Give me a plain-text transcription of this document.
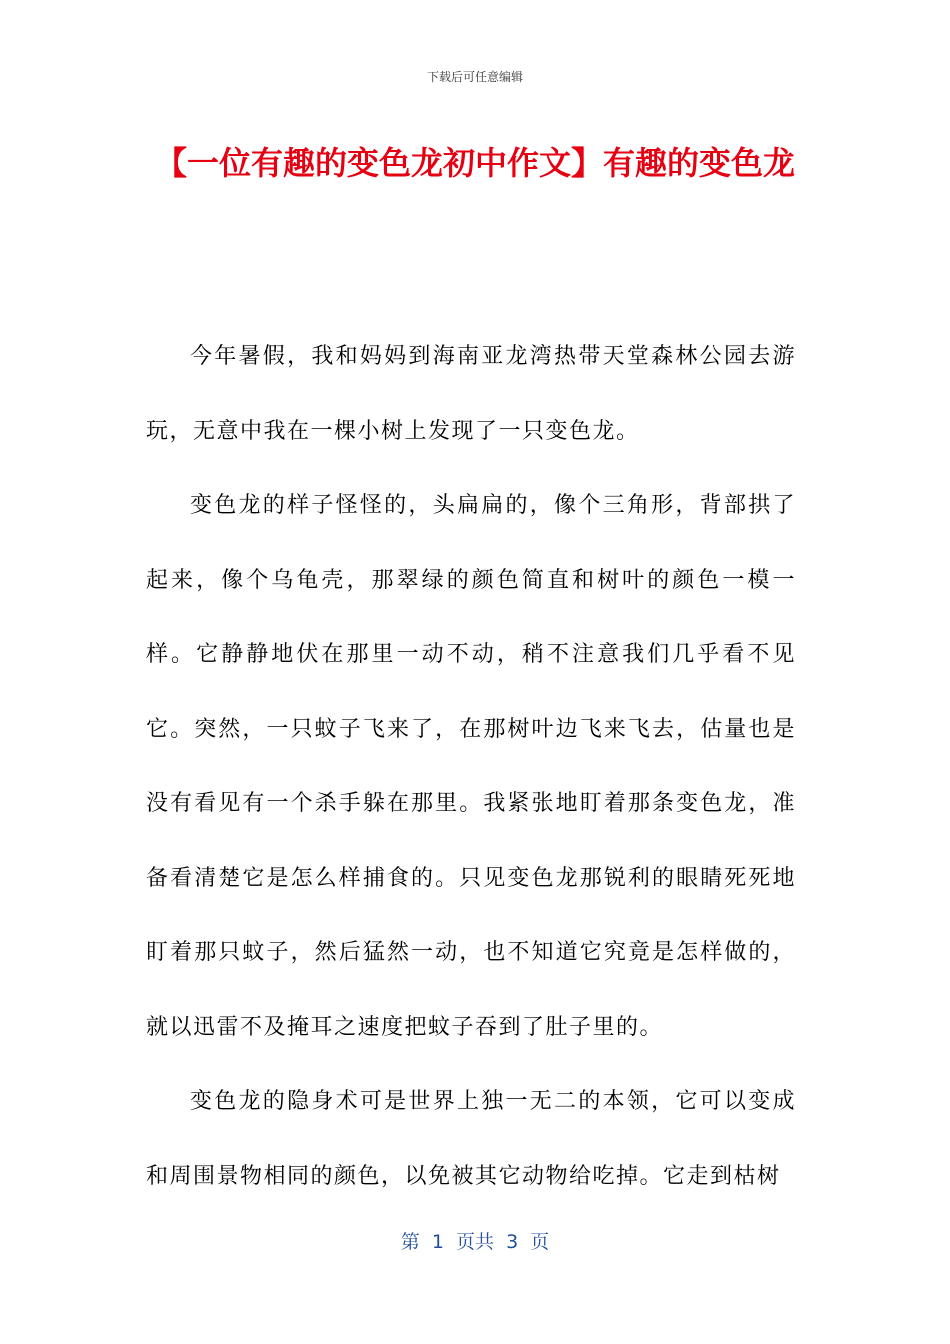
下载后可任意编辑
【一位有趣的变色龙初中作文】有趣的变色龙

今年暑假，我和妈妈到海南亚龙湾热带天堂森林公园去游玩，无意中我在一棵小树上发现了一只变色龙。

变色龙的样子怪怪的，头扁扁的，像个三角形，背部拱了起来，像个乌龟壳，那翠绿的颜色简直和树叶的颜色一模一样。它静静地伏在那里一动不动，稍不注意我们几乎看不见它。突然，一只蚊子飞来了，在那树叶边飞来飞去，估量也是没有看见有一个杀手躲在那里。我紧张地盯着那条变色龙，准备看清楚它是怎么样捕食的。只见变色龙那锐利的眼睛死死地盯着那只蚊子，然后猛然一动，也不知道它究竟是怎样做的，就以迅雷不及掩耳之速度把蚊子吞到了肚子里的。

变色龙的隐身术可是世界上独一无二的本领，它可以变成和周围景物相同的颜色，以免被其它动物给吃掉。它走到枯树

第  1  页共  3  页
